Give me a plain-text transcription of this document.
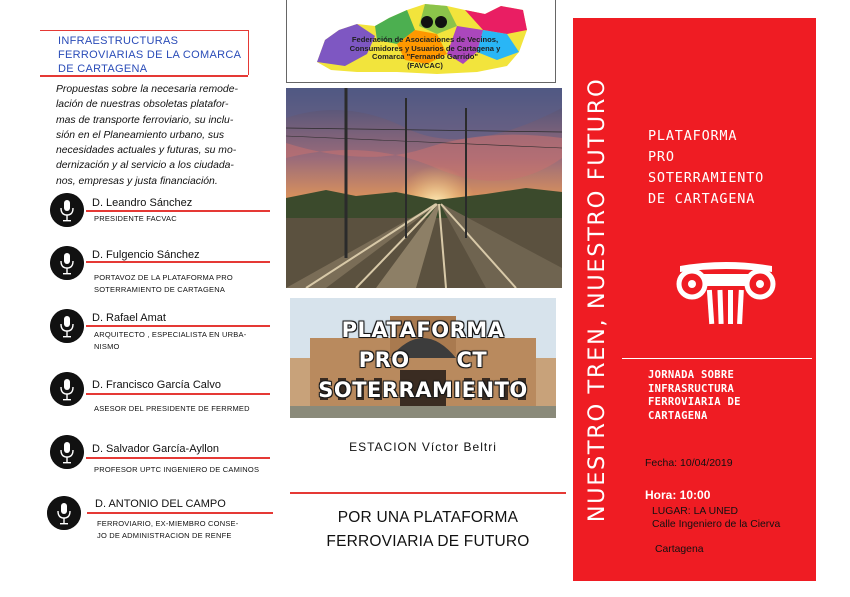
INFRAESTRUCTURAS
FERROVIARIAS DE LA COMARCA
DE CARTAGENA
Propuestas sobre la necesaria remode-
lación de nuestras obsoletas platafor-
mas de transporte ferroviario, su inclu-
sión en el Planeamiento urbano, sus
necesidades actuales y futuras, su mo-
dernización y al servicio a los ciudada-
nos, empresas y justa financiación.
D. Leandro Sánchez
PRESIDENTE FACVAC
D. Fulgencio Sánchez
PORTAVOZ DE LA PLATAFORMA PRO
SOTERRAMIENTO DE CARTAGENA
D. Rafael Amat
ARQUITECTO , ESPECIALISTA EN URBA-
NISMO
D. Francisco García Calvo
ASESOR DEL PRESIDENTE DE FERRMED
D. Salvador García-Ayllon
PROFESOR UPTC INGENIERO DE CAMINOS
D. ANTONIO DEL CAMPO
FERROVIARIO, EX-MIEMBRO CONSE-
JO DE ADMINISTRACION DE RENFE
Federación de Asociaciones de Vecinos,
Consumidores y Usuarios de Cartagena y
Comarca "Fernando Garrido"
(FAVCAC)
PLATAFORMA
PRO      CT
SOTERRAMIENTO
ESTACION Víctor Beltri
POR UNA PLATAFORMA
FERROVIARIA DE FUTURO
NUESTRO TREN, NUESTRO FUTURO	PLATAFORMA
PRO
SOTERRAMIENTO
DE CARTAGENA
JORNADA SOBRE
INFRASRUCTURA
FERROVIARIA DE
CARTAGENA
Fecha: 10/04/2019
Hora: 10:00
LUGAR: LA UNED
Calle Ingeniero de la Cierva
Cartagena
